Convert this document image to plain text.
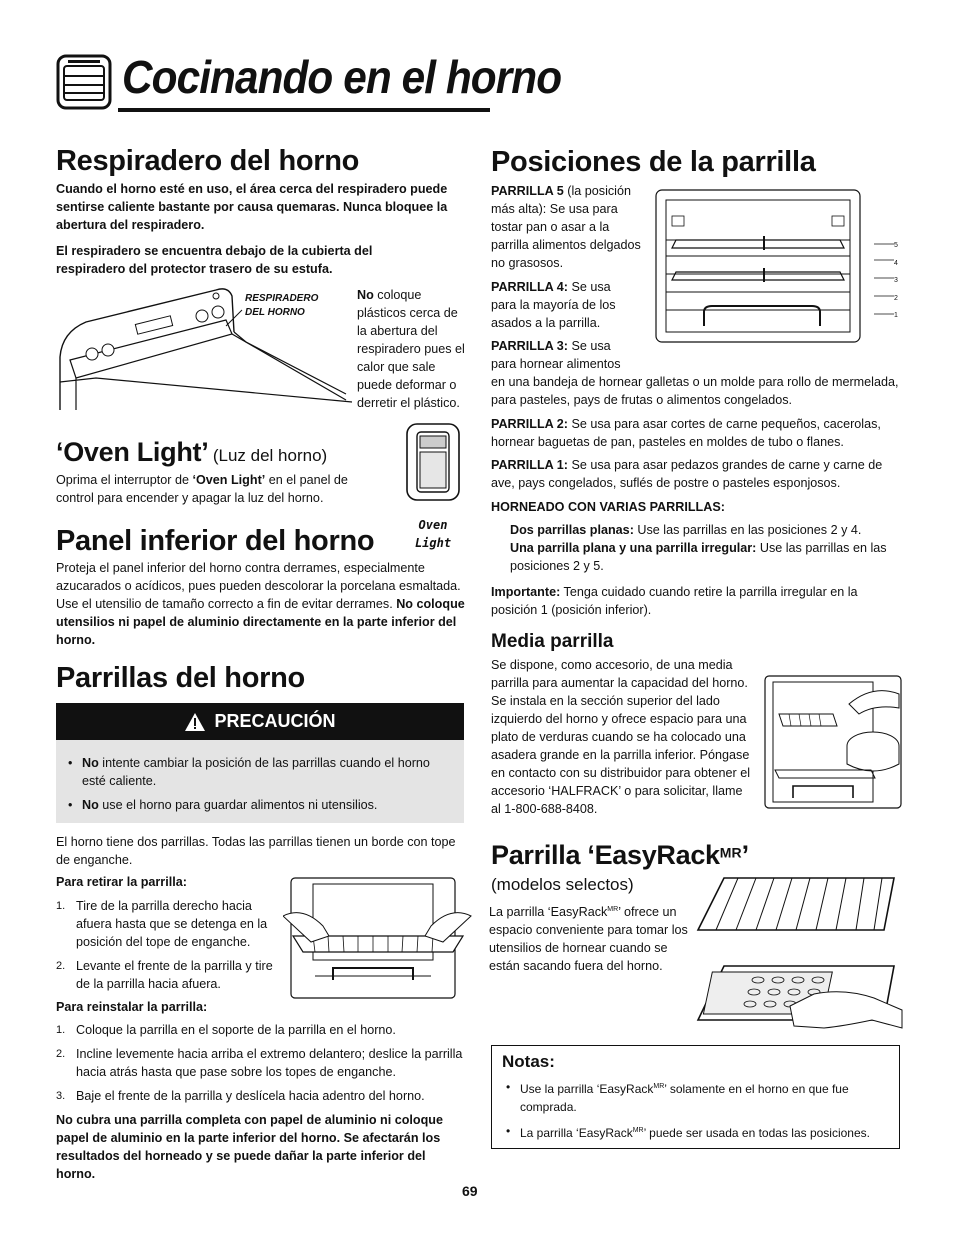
Cocinando en el horno
Respiradero del horno

Cuando el horno esté en uso, el área cerca del respiradero puede sentirse caliente bastante por causa quemaras. Nunca bloquee la abertura del respiradero.

El respiradero se encuentra debajo de la cubierta del respiradero del protector trasero de su estufa.

RESPIRADERO
DEL HORNO

No coloque plásticos cerca de la abertura del respiradero pues el calor que sale puede deformar o derretir el plástico.

‘Oven Light’ (Luz del horno)

Oprima el interruptor de ‘Oven Light’ en el panel de control para encender y apagar la luz del horno.

Oven
Light
Panel inferior del horno

Proteja el panel inferior del horno contra derrames, especialmente azucarados o acídicos, pues pueden descolorar la porcelana esmaltada. Use el utensilio de tamaño correcto a fin de evitar derrames. No coloque utensilios ni papel de aluminio directamente en la parte inferior del horno.

Parrillas del horno
PRECAUCIÓN
• No intente cambiar la posición de las parrillas cuando el horno esté caliente.
• No use el horno para guardar alimentos ni utensilios.

El horno tiene dos parrillas. Todas las parrillas tienen un borde con tope de enganche.

Para retirar la parrilla:

1. Tire de la parrilla derecho hacia afuera hasta que se detenga en la posición del tope de enganche.
2. Levante el frente de la parrilla y tire de la parrilla hacia afuera.

Para reinstalar la parrilla:

1. Coloque la parrilla en el soporte de la parrilla en el horno.
2. Incline levemente hacia arriba el extremo delantero; deslice la parrilla hacia atrás hasta que pase sobre los topes de enganche.
3. Baje el frente de la parrilla y deslícela hacia adentro del horno.

No cubra una parrilla completa con papel de aluminio ni coloque papel de aluminio en la parte inferior del horno. Se afectarán los resultados del horneado y se puede dañar la parte inferior del horno.

Posiciones de la parrilla

PARRILLA 5 (la posición más alta): Se usa para tostar pan o asar a la parrilla alimentos delgados no grasosos.

PARRILLA 4: Se usa para la mayoría de los asados a la parrilla.

PARRILLA 3: Se usa para hornear alimentos

en una bandeja de hornear galletas o un molde para rollo de mermelada, para pasteles, pays de frutas o alimentos congelados.

5
4
3
2
1

PARRILLA 2: Se usa para asar cortes de carne pequeños, cacerolas, hornear baguetas de pan, pasteles en moldes de tubo o flanes.

PARRILLA 1: Se usa para asar pedazos grandes de carne y carne de ave, pays congelados, suflés de postre o pasteles esponjosos.

HORNEADO CON VARIAS PARRILLAS:

Dos parrillas planas: Use las parrillas en las posiciones 2 y 4.

Una parrilla plana y una parrilla irregular: Use las parrillas en las posiciones 2 y 5.

Importante: Tenga cuidado cuando retire la parrilla irregular en la posición 1 (posición inferior).

Media parrilla

Se dispone, como accesorio, de una media parrilla para aumentar la capacidad del horno. Se instala en la sección superior del lado izquierdo del horno y ofrece espacio para una plato de verduras cuando se ha colocado una asadera grande en la parrilla inferior. Póngase en contacto con su distribuidor para obtener el accesorio ‘HALFRACK’ o para solicitar, llame al 1-800-688-8408.

Parrilla ‘EasyRack$^{MR}$’

(modelos selectos)

La parrilla ‘EasyRack$^{MR}$’ ofrece un espacio conveniente para tomar los utensilios de hornear cuando se están sacando fuera del horno.

Notas:
• Use la parrilla ‘EasyRack$^{MR}$’ solamente en el horno en que fue comprada.
• La parrilla ‘EasyRack$^{MR}$’ puede ser usada en todas las posiciones.
69
